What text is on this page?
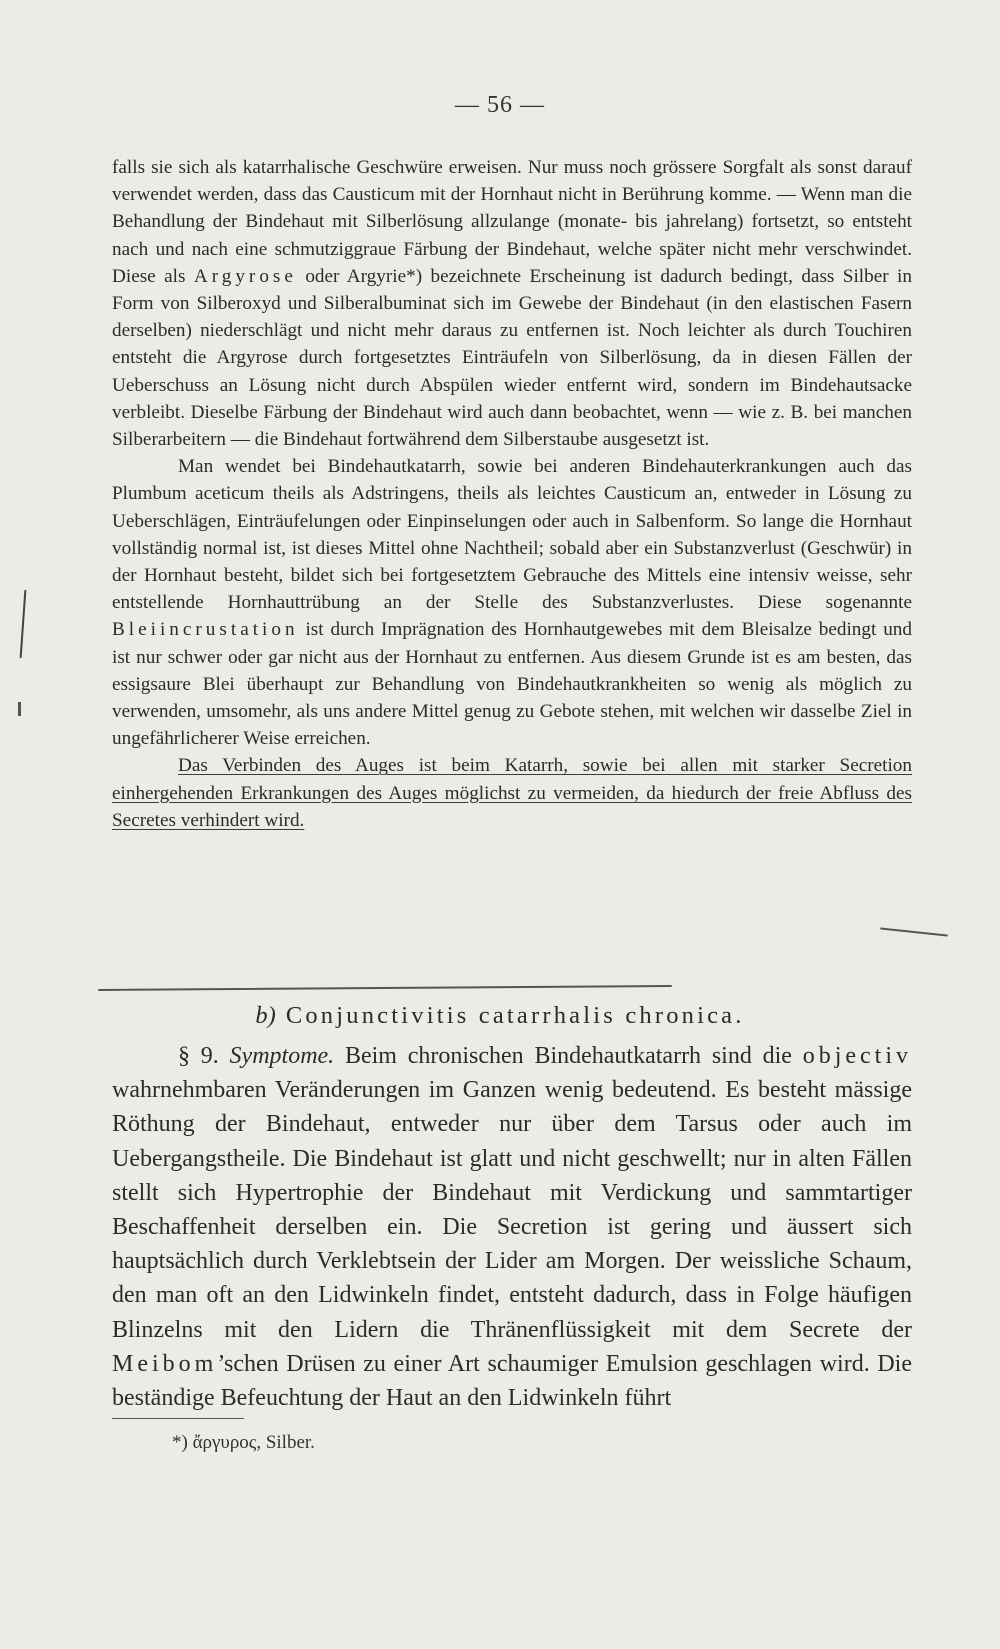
— 56 —

falls sie sich als katarrhalische Geschwüre erweisen. Nur muss noch grössere Sorgfalt als sonst darauf verwendet werden, dass das Causticum mit der Hornhaut nicht in Berührung komme. — Wenn man die Behandlung der Bindehaut mit Silberlösung allzulange (monate- bis jahrelang) fortsetzt, so entsteht nach und nach eine schmutziggraue Färbung der Bindehaut, welche später nicht mehr verschwindet. Diese als Argyrose oder Argyrie*) bezeichnete Erscheinung ist dadurch bedingt, dass Silber in Form von Silberoxyd und Silberalbuminat sich im Gewebe der Bindehaut (in den elastischen Fasern derselben) niederschlägt und nicht mehr daraus zu entfernen ist. Noch leichter als durch Touchiren entsteht die Argyrose durch fortgesetztes Einträufeln von Silberlösung, da in diesen Fällen der Ueberschuss an Lösung nicht durch Abspülen wieder entfernt wird, sondern im Bindehautsacke verbleibt. Dieselbe Färbung der Bindehaut wird auch dann beobachtet, wenn — wie z. B. bei manchen Silberarbeitern — die Bindehaut fortwährend dem Silberstaube ausgesetzt ist.

Man wendet bei Bindehautkatarrh, sowie bei anderen Bindehauterkrankungen auch das Plumbum aceticum theils als Adstringens, theils als leichtes Causticum an, entweder in Lösung zu Ueberschlägen, Einträufelungen oder Einpinselungen oder auch in Salbenform. So lange die Hornhaut vollständig normal ist, ist dieses Mittel ohne Nachtheil; sobald aber ein Substanzverlust (Geschwür) in der Hornhaut besteht, bildet sich bei fortgesetztem Gebrauche des Mittels eine intensiv weisse, sehr entstellende Hornhauttrübung an der Stelle des Substanzverlustes. Diese sogenannte Bleiincrustation ist durch Imprägnation des Hornhautgewebes mit dem Bleisalze bedingt und ist nur schwer oder gar nicht aus der Hornhaut zu entfernen. Aus diesem Grunde ist es am besten, das essigsaure Blei überhaupt zur Behandlung von Bindehautkrankheiten so wenig als möglich zu verwenden, umsomehr, als uns andere Mittel genug zu Gebote stehen, mit welchen wir dasselbe Ziel in ungefährlicherer Weise erreichen.

Das Verbinden des Auges ist beim Katarrh, sowie bei allen mit starker Secretion einhergehenden Erkrankungen des Auges möglichst zu vermeiden, da hiedurch der freie Abfluss des Secretes verhindert wird.

b) Conjunctivitis catarrhalis chronica.

§ 9. Symptome. Beim chronischen Bindehautkatarrh sind die objectiv wahrnehmbaren Veränderungen im Ganzen wenig bedeutend. Es besteht mässige Röthung der Bindehaut, entweder nur über dem Tarsus oder auch im Uebergangstheile. Die Bindehaut ist glatt und nicht geschwellt; nur in alten Fällen stellt sich Hypertrophie der Bindehaut mit Verdickung und sammtartiger Beschaffenheit derselben ein. Die Secretion ist gering und äussert sich hauptsächlich durch Verklebtsein der Lider am Morgen. Der weissliche Schaum, den man oft an den Lidwinkeln findet, entsteht dadurch, dass in Folge häufigen Blinzelns mit den Lidern die Thränenflüssigkeit mit dem Secrete der Meibom’schen Drüsen zu einer Art schaumiger Emulsion geschlagen wird. Die beständige Befeuchtung der Haut an den Lidwinkeln führt

*) ἄργυρος, Silber.
